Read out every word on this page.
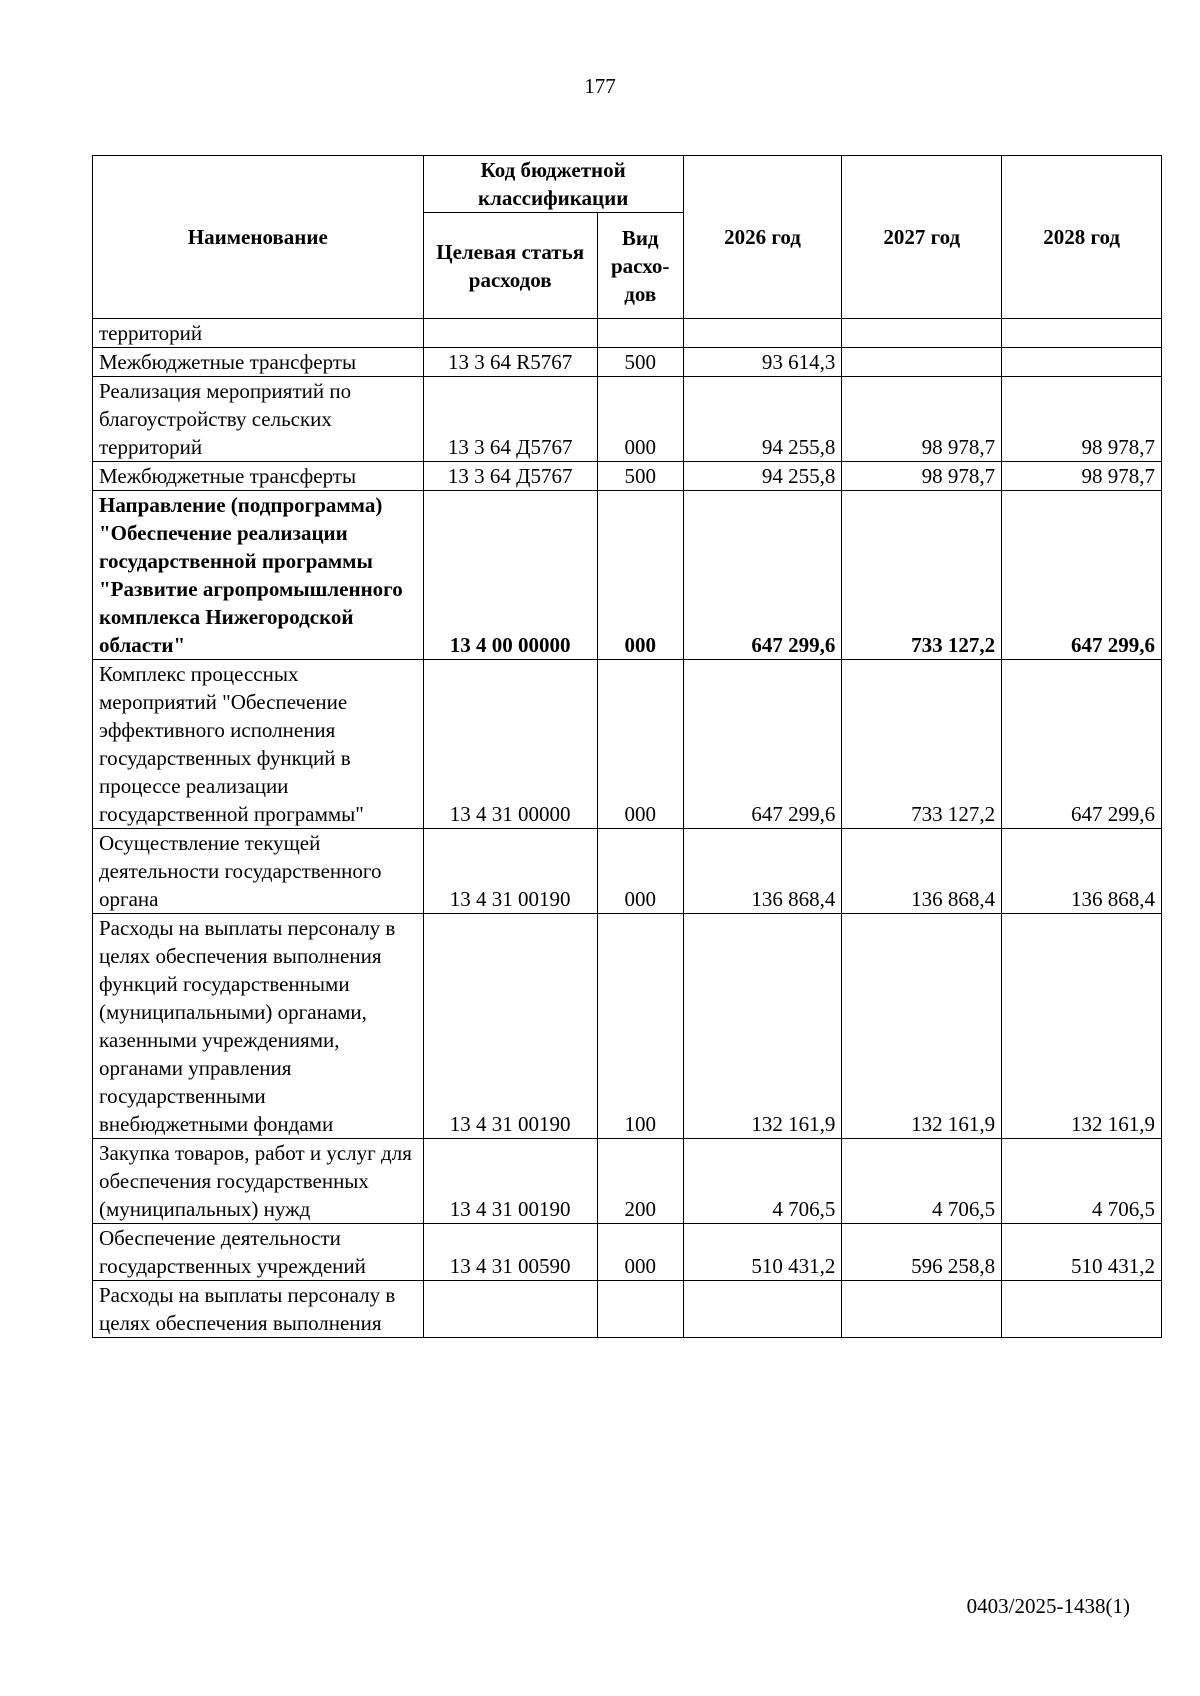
177
Наименование	Код бюджетной классификации		2026 год	2027 год	2028 год
	Целевая статья расходов	Вид расхо-дов			
территорий					
Межбюджетные трансферты	13 3 64 R5767	500	93 614,3		
Реализация мероприятий по благоустройству сельских территорий	13 3 64 Д5767	000	94 255,8	98 978,7	98 978,7
Межбюджетные трансферты	13 3 64 Д5767	500	94 255,8	98 978,7	98 978,7
Направление (подпрограмма) "Обеспечение реализации государственной программы "Развитие агропромышленного комплекса Нижегородской области"	13 4 00 00000	000	647 299,6	733 127,2	647 299,6
Комплекс процессных мероприятий "Обеспечение эффективного исполнения государственных функций в процессе реализации государственной программы"	13 4 31 00000	000	647 299,6	733 127,2	647 299,6
Осуществление текущей деятельности государственного органа	13 4 31 00190	000	136 868,4	136 868,4	136 868,4
Расходы на выплаты персоналу в целях обеспечения выполнения функций государственными (муниципальными) органами, казенными учреждениями, органами управления государственными внебюджетными фондами	13 4 31 00190	100	132 161,9	132 161,9	132 161,9
Закупка товаров, работ и услуг для обеспечения государственных (муниципальных) нужд	13 4 31 00190	200	4 706,5	4 706,5	4 706,5
Обеспечение деятельности государственных учреждений	13 4 31 00590	000	510 431,2	596 258,8	510 431,2
Расходы на выплаты персоналу в целях обеспечения выполнения					
0403/2025-1438(1)
